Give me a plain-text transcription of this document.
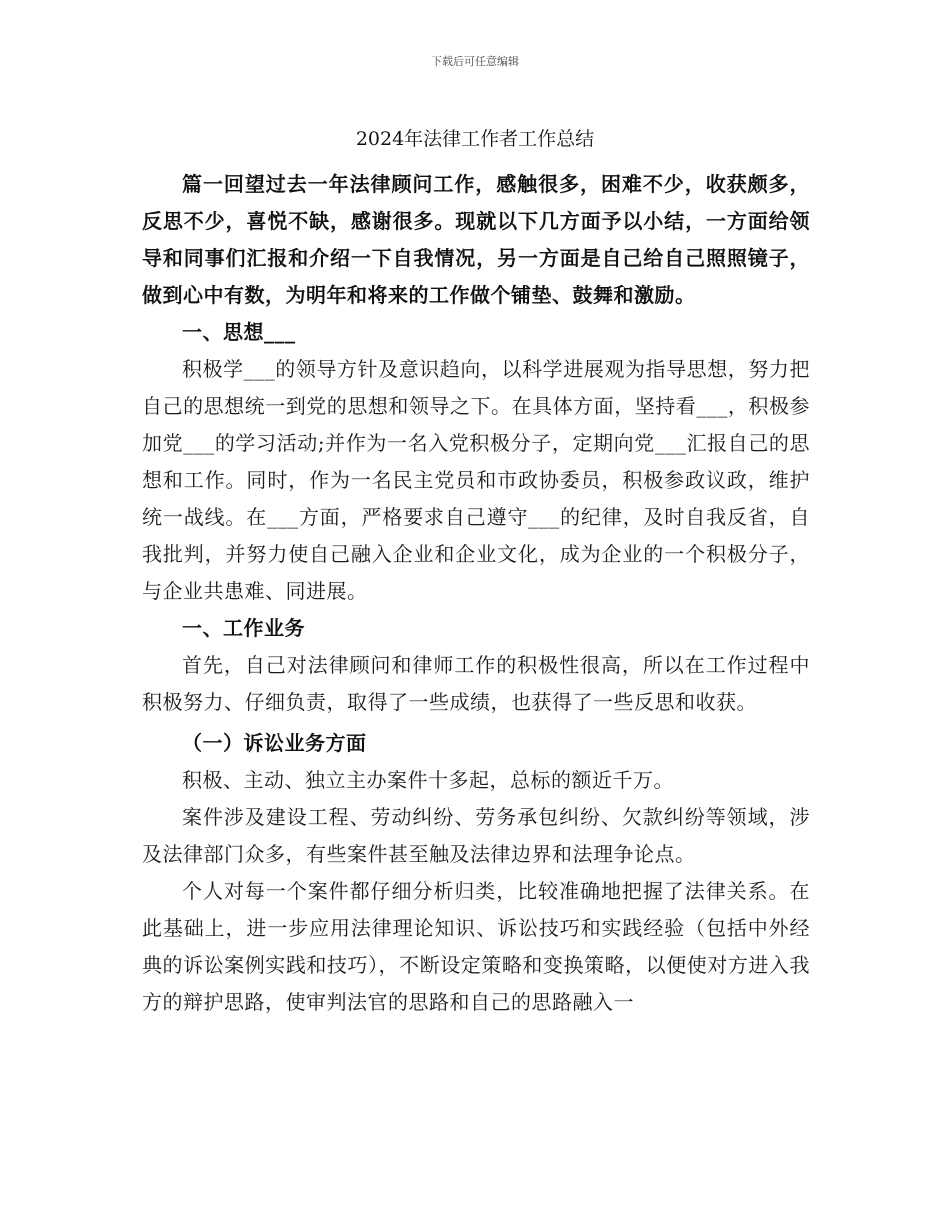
下载后可任意编辑
2024年法律工作者工作总结

篇一回望过去一年法律顾问工作，感触很多，困难不少，收获颇多，反思不少，喜悦不缺，感谢很多。现就以下几方面予以小结，一方面给领导和同事们汇报和介绍一下自我情况，另一方面是自己给自己照照镜子，做到心中有数，为明年和将来的工作做个铺垫、鼓舞和激励。

一、思想___

积极学___的领导方针及意识趋向，以科学进展观为指导思想，努力把自己的思想统一到党的思想和领导之下。在具体方面，坚持看___，积极参加党___的学习活动;并作为一名入党积极分子，定期向党___汇报自己的思想和工作。同时，作为一名民主党员和市政协委员，积极参政议政，维护统一战线。在___方面，严格要求自己遵守___的纪律，及时自我反省，自我批判，并努力使自己融入企业和企业文化，成为企业的一个积极分子，与企业共患难、同进展。

一、工作业务

首先，自己对法律顾问和律师工作的积极性很高，所以在工作过程中积极努力、仔细负责，取得了一些成绩，也获得了一些反思和收获。

（一）诉讼业务方面

积极、主动、独立主办案件十多起，总标的额近千万。

案件涉及建设工程、劳动纠纷、劳务承包纠纷、欠款纠纷等领域，涉及法律部门众多，有些案件甚至触及法律边界和法理争论点。

个人对每一个案件都仔细分析归类，比较准确地把握了法律关系。在此基础上，进一步应用法律理论知识、诉讼技巧和实践经验（包括中外经典的诉讼案例实践和技巧），不断设定策略和变换策略，以便使对方进入我方的辩护思路，使审判法官的思路和自己的思路融入一
